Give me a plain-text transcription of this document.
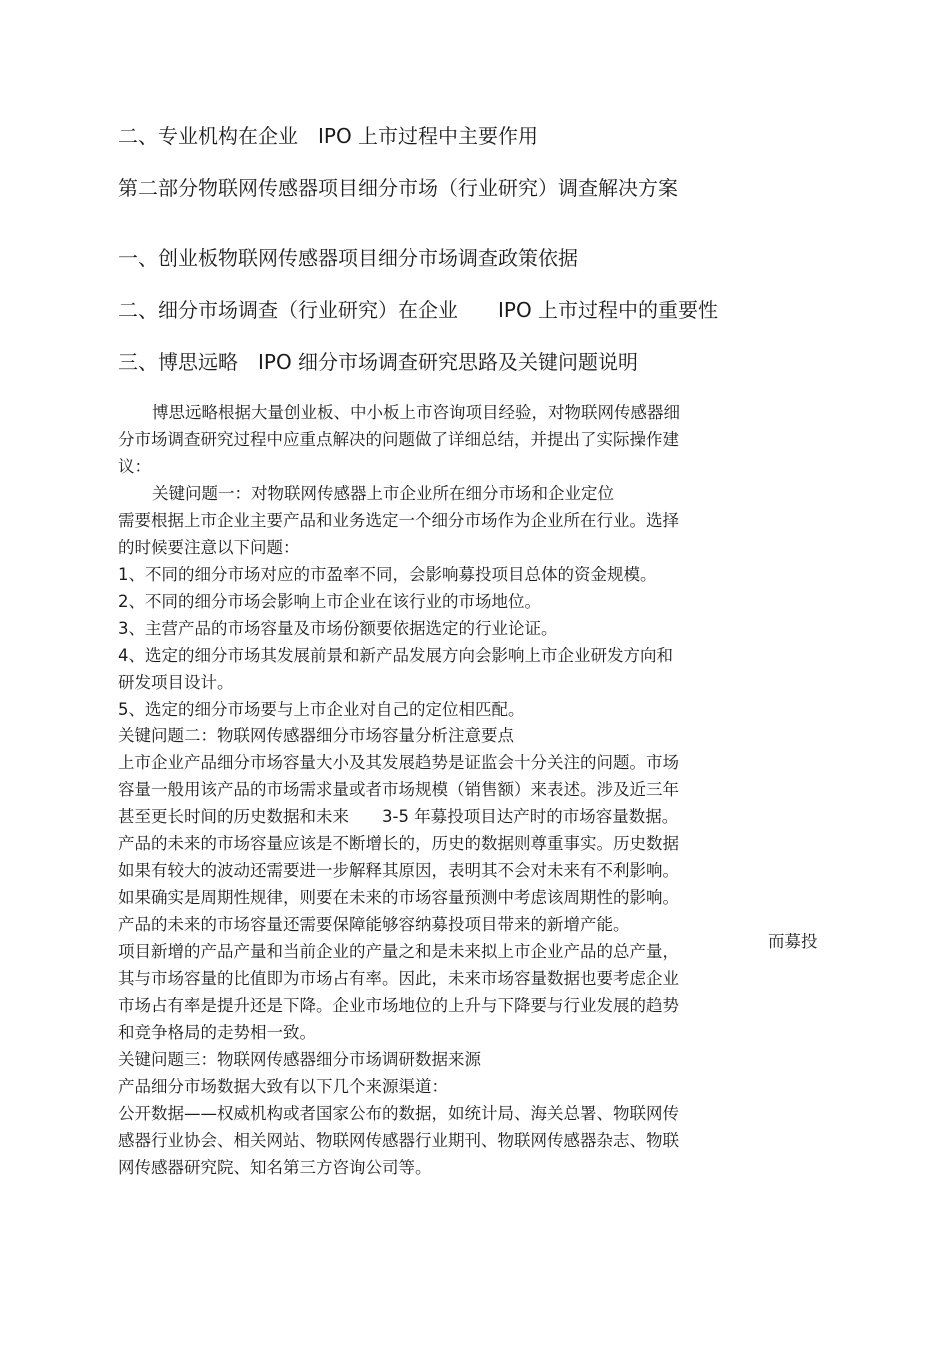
二、专业机构在企业　IPO 上市过程中主要作用

第二部分物联网传感器项目细分市场（行业研究）调查解决方案

一、创业板物联网传感器项目细分市场调查政策依据

二、细分市场调查（行业研究）在企业　　IPO 上市过程中的重要性

三、博思远略　IPO 细分市场调查研究思路及关键问题说明

博思远略根据大量创业板、中小板上市咨询项目经验，对物联网传感器细

分市场调查研究过程中应重点解决的问题做了详细总结，并提出了实际操作建

议：

关键问题一：对物联网传感器上市企业所在细分市场和企业定位

需要根据上市企业主要产品和业务选定一个细分市场作为企业所在行业。选择

的时候要注意以下问题：

1、不同的细分市场对应的市盈率不同，会影响募投项目总体的资金规模。

2、不同的细分市场会影响上市企业在该行业的市场地位。

3、主营产品的市场容量及市场份额要依据选定的行业论证。

4、选定的细分市场其发展前景和新产品发展方向会影响上市企业研发方向和

研发项目设计。

5、选定的细分市场要与上市企业对自己的定位相匹配。

关键问题二：物联网传感器细分市场容量分析注意要点

上市企业产品细分市场容量大小及其发展趋势是证监会十分关注的问题。市场

容量一般用该产品的市场需求量或者市场规模（销售额）来表述。涉及近三年

甚至更长时间的历史数据和未来　　3-5 年募投项目达产时的市场容量数据。

产品的未来的市场容量应该是不断增长的，历史的数据则尊重事实。历史数据

如果有较大的波动还需要进一步解释其原因，表明其不会对未来有不利影响。

如果确实是周期性规律，则要在未来的市场容量预测中考虑该周期性的影响。

产品的未来的市场容量还需要保障能够容纳募投项目带来的新增产能。

而募投

项目新增的产品产量和当前企业的产量之和是未来拟上市企业产品的总产量，

其与市场容量的比值即为市场占有率。因此，未来市场容量数据也要考虑企业

市场占有率是提升还是下降。企业市场地位的上升与下降要与行业发展的趋势

和竞争格局的走势相一致。

关键问题三：物联网传感器细分市场调研数据来源

产品细分市场数据大致有以下几个来源渠道：

公开数据——权威机构或者国家公布的数据，如统计局、海关总署、物联网传

感器行业协会、相关网站、物联网传感器行业期刊、物联网传感器杂志、物联

网传感器研究院、知名第三方咨询公司等。
